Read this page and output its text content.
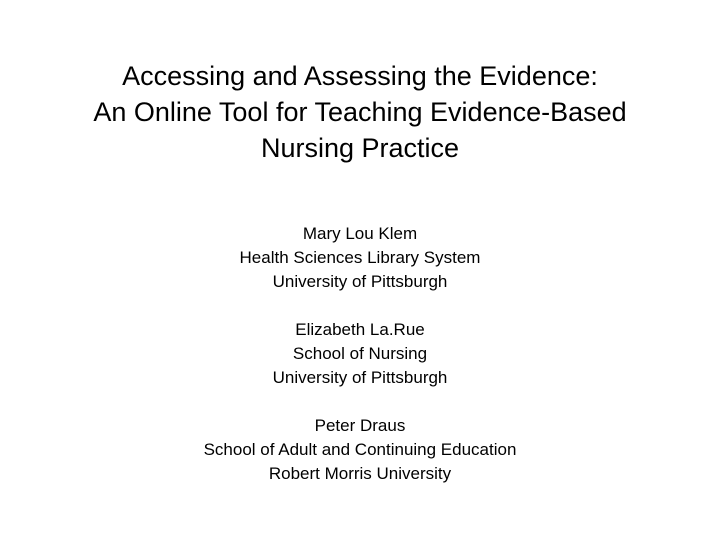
Accessing and Assessing the Evidence:
An Online Tool for Teaching Evidence-Based
Nursing Practice
Mary Lou Klem
Health Sciences Library System
University of Pittsburgh
Elizabeth La.Rue
School of Nursing
University of Pittsburgh
Peter Draus
School of Adult and Continuing Education
Robert Morris University
